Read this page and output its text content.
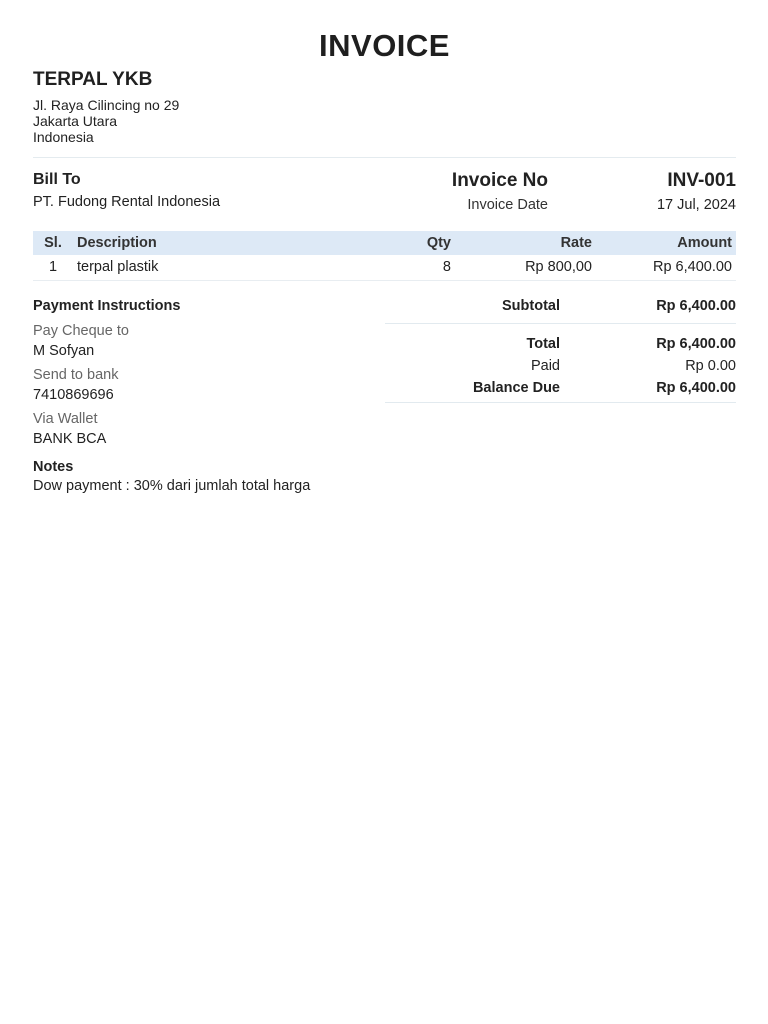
INVOICE
TERPAL YKB
Jl. Raya Cilincing no 29
Jakarta Utara
Indonesia
Bill To
PT. Fudong Rental Indonesia
Invoice No	INV-001
Invoice Date	17 Jul, 2024
Sl.	Description	Qty	Rate	Amount
1	terpal plastik	8	Rp 800,00	Rp 6,400.00
Payment Instructions
Pay Cheque to
M Sofyan
Send to bank
7410869696
Via Wallet
BANK BCA
Subtotal	Rp 6,400.00
Total	Rp 6,400.00
Paid	Rp 0.00
Balance Due	Rp 6,400.00
Notes
Dow payment : 30% dari jumlah total harga
